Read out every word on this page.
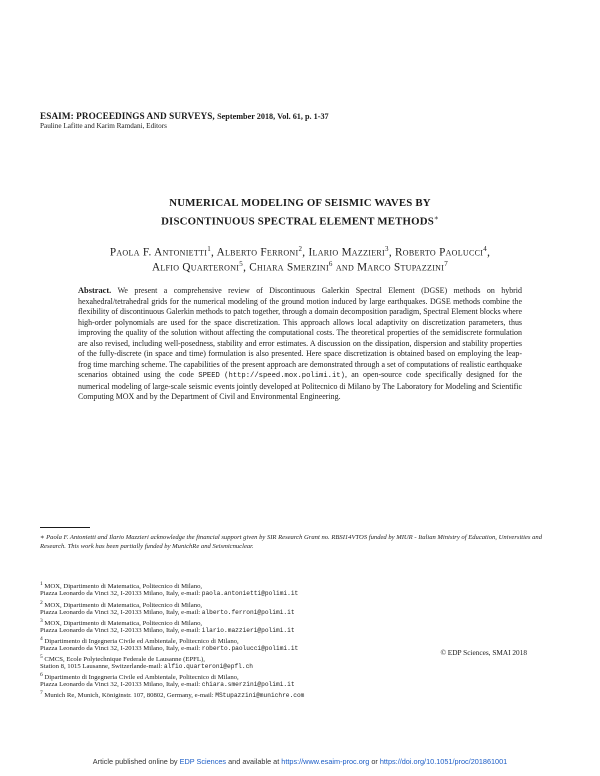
ESAIM: PROCEEDINGS AND SURVEYS, September 2018, Vol. 61, p. 1-37
Pauline Lafitte and Karim Ramdani, Editors
NUMERICAL MODELING OF SEISMIC WAVES BY
DISCONTINUOUS SPECTRAL ELEMENT METHODS∗
Paola F. Antonietti$^1$, Alberto Ferroni$^2$, Ilario Mazzieri$^3$, Roberto Paolucci$^4$,
Alfio Quarteroni$^5$, Chiara Smerzini$^6$ and Marco Stupazzini$^7$
Abstract. We present a comprehensive review of Discontinuous Galerkin Spectral Element (DGSE) methods on hybrid hexahedral/tetrahedral grids for the numerical modeling of the ground motion induced by large earthquakes. DGSE methods combine the flexibility of discontinuous Galerkin methods to patch together, through a domain decomposition paradigm, Spectral Element blocks where high-order polynomials are used for the space discretization. This approach allows local adaptivity on discretization parameters, thus improving the quality of the solution without affecting the computational costs. The theoretical properties of the semidiscrete formulation are also revised, including well-posedness, stability and error estimates. A discussion on the dissipation, dispersion and stability properties of the fully-discrete (in space and time) formulation is also presented. Here space discretization is obtained based on employing the leap-frog time marching scheme. The capabilities of the present approach are demonstrated through a set of computations of realistic earthquake scenarios obtained using the code SPEED (http://speed.mox.polimi.it), an open-source code specifically designed for the numerical modeling of large-scale seismic events jointly developed at Politecnico di Milano by The Laboratory for Modeling and Scientific Computing MOX and by the Department of Civil and Environmental Engineering.
∗ Paola F. Antonietti and Ilario Mazzieri acknowledge the financial support given by SIR Research Grant no. RBSI14VTOS funded by MIUR - Italian Ministry of Education, Universities and Research. This work has been partially funded by MunichRe and Seismicnuclear.
$^1$ MOX, Dipartimento di Matematica, Politecnico di Milano,
Piazza Leonardo da Vinci 32, I-20133 Milano, Italy, e-mail: paola.antonietti@polimi.it
$^2$ MOX, Dipartimento di Matematica, Politecnico di Milano,
Piazza Leonardo da Vinci 32, I-20133 Milano, Italy, e-mail: alberto.ferroni@polimi.it
$^3$ MOX, Dipartimento di Matematica, Politecnico di Milano,
Piazza Leonardo da Vinci 32, I-20133 Milano, Italy, e-mail: ilario.mazzieri@polimi.it
$^4$ Dipartimento di Ingegneria Civile ed Ambientale, Politecnico di Milano,
Piazza Leonardo da Vinci 32, I-20133 Milano, Italy, e-mail: roberto.paolucci@polimi.it
$^5$ CMCS, Ecole Polytechnique Federale de Lausanne (EPFL),
Station 8, 1015 Lausanne, Switzerlande-mail: alfio.quarteroni@epfl.ch
$^6$ Dipartimento di Ingegneria Civile ed Ambientale, Politecnico di Milano,
Piazza Leonardo da Vinci 32, I-20133 Milano, Italy, e-mail: chiara.smerzini@polimi.it
$^7$ Munich Re, Munich, Königinstr. 107, 80802, Germany, e-mail: MStupazzini@munichre.com
© EDP Sciences, SMAI 2018
Article published online by EDP Sciences and available at https://www.esaim-proc.org or https://doi.org/10.1051/proc/201861001
